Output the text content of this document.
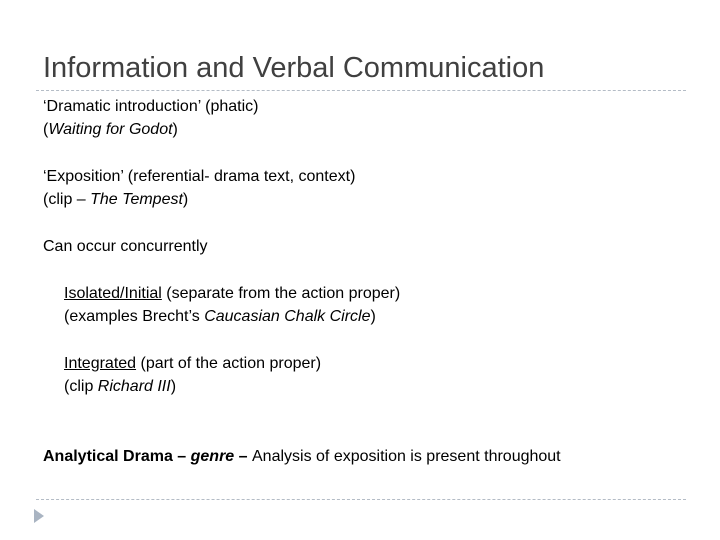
Information and Verbal Communication
‘Dramatic introduction’ (phatic)
(Waiting for Godot)
‘Exposition’ (referential- drama text, context)
(clip – The Tempest)
Can occur concurrently
Isolated/Initial (separate from the action proper)
(examples Brecht’s Caucasian Chalk Circle)
Integrated (part of the action proper)
(clip Richard III)
Analytical Drama – genre – Analysis of exposition is present throughout
